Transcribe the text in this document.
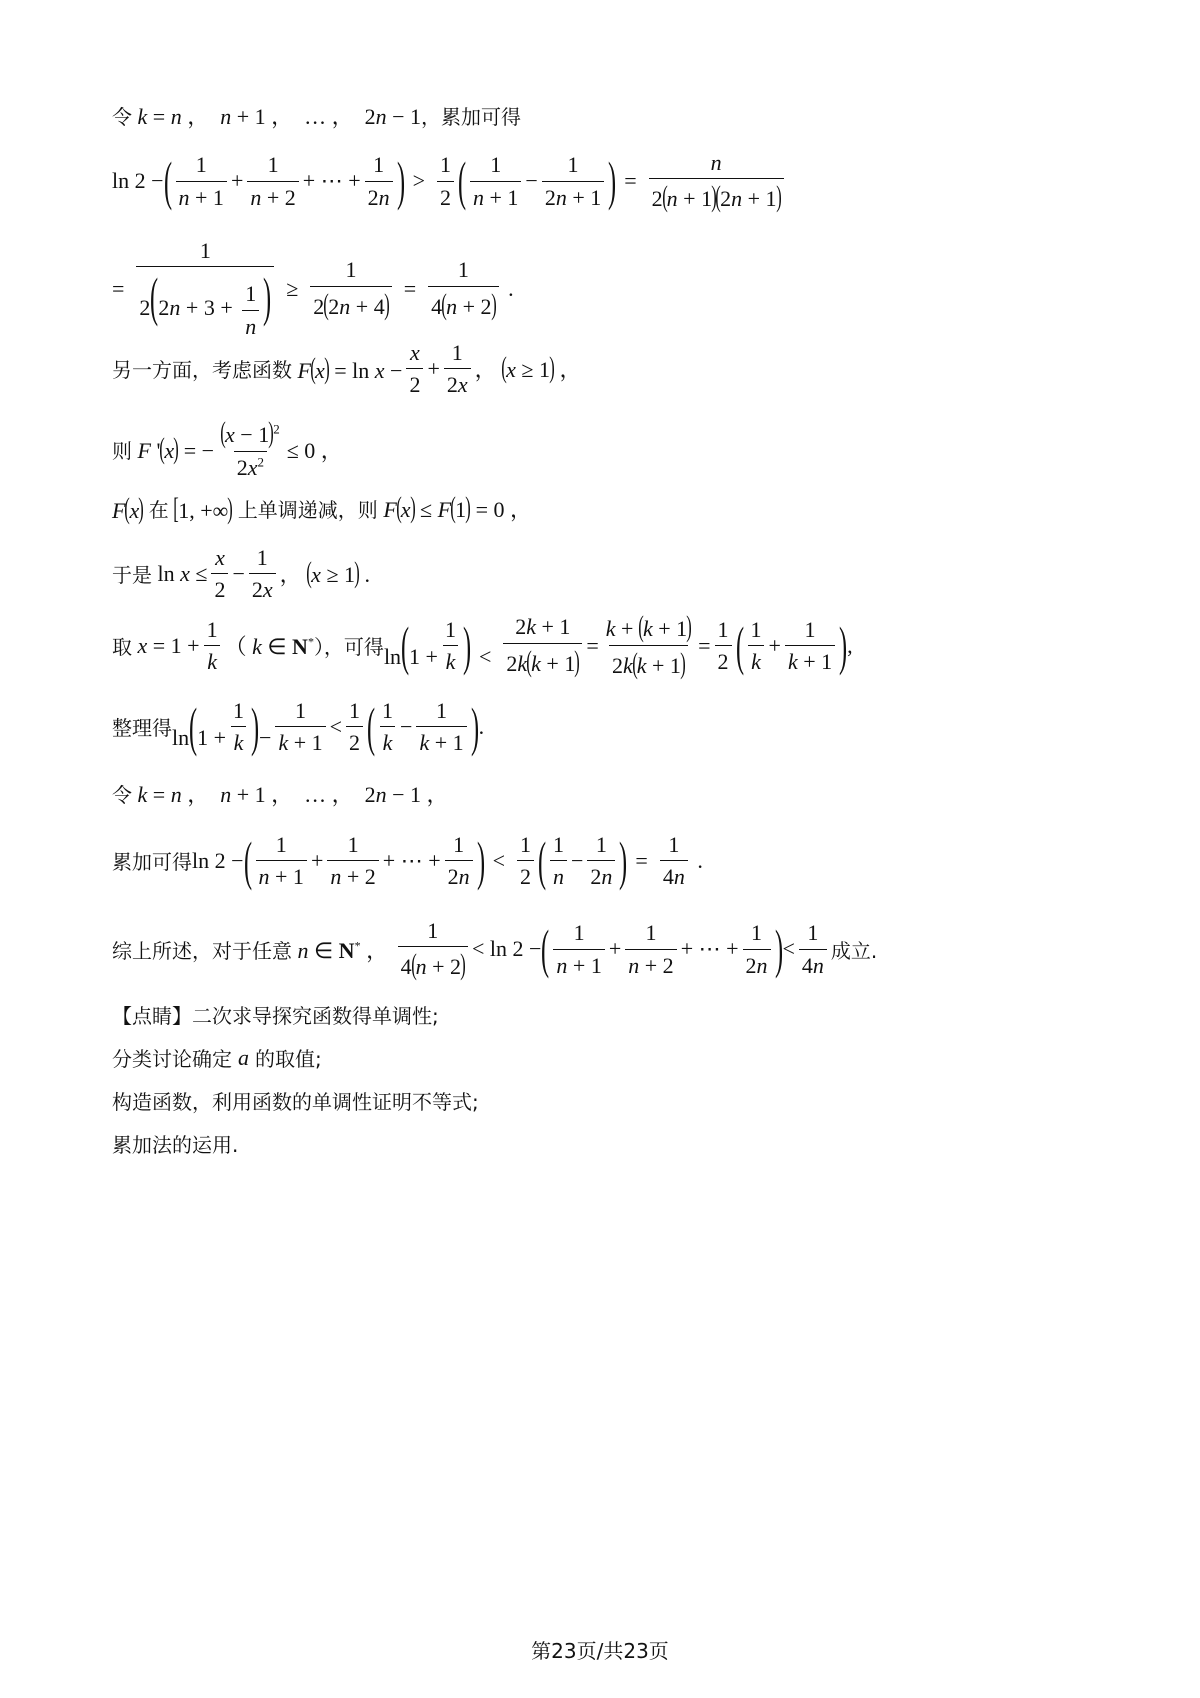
令 k = n ，  n + 1 ，  … ，  2n − 1 ，累加可得
ln 2 − ( $\frac{1}{n + 1} + \frac{1}{n + 2}$ + ⋯ + $\frac{1}{2n}$ ) > $\frac{1}{2}$ ( $\frac{1}{n + 1} - \frac{1}{2n + 1}$ ) = $\frac{n}{2(n + 1)(2n + 1)}$
= $\frac{1}{2(2n + 3 + \frac{1}{n} )} \ge \frac{1}{2(2n + 4)} = \frac{1}{4(n + 2)}$ .
另一方面，考虑函数 $F(x) = \ln x - \frac{x}{2} + \frac{1}{2x}$ ， (x ≥ 1) ，
则 F '(x) = − $\frac{(x - 1)^2}{2x^2} \le 0$ ，
F(x) 在 [1, +∞) 上单调递减，则 F(x) ≤ F(1) = 0 ，
于是 $\ln x \le \frac{x}{2} - \frac{1}{2x}$ ， (x ≥ 1) .
取 $x = 1 + \frac{1}{k}$ （ k ∈ N* ），可得 $\ln(1 + \frac{1}{k}$ ) < $\frac{2k + 1}{2k(k + 1)} = \frac{k + (k + 1)}{2k(k + 1)} = \frac{1}{2}$ ( $\frac{1}{k} + \frac{1}{k + 1}$ ) ,
整理得 $\ln(1 + \frac{1}{k}$ )− $\frac{1}{k + 1} < \frac{1}{2}$ ( $\frac{1}{k} - \frac{1}{k + 1}$ ) .
令 k = n ，  n + 1 ，  … ，  2n − 1 ，
累加可得 ln 2 − ( $\frac{1}{n + 1} + \frac{1}{n + 2}$ + ⋯ + $\frac{1}{2n}$ ) < $\frac{1}{2}$ ( $\frac{1}{n} - \frac{1}{2n}$ ) = $\frac{1}{4n}$ .
综上所述，对于任意 n ∈ N* ， $\frac{1}{4(n + 2)} < \ln 2$ − ( $\frac{1}{n + 1} + \frac{1}{n + 2}$ + ⋯ + $\frac{1}{2n}$ ) < $\frac{1}{4n}$ 成立.
【点睛】二次求导探究函数得单调性;
分类讨论确定 a 的取值;
构造函数，利用函数的单调性证明不等式;
累加法的运用.
第23页/共23页
